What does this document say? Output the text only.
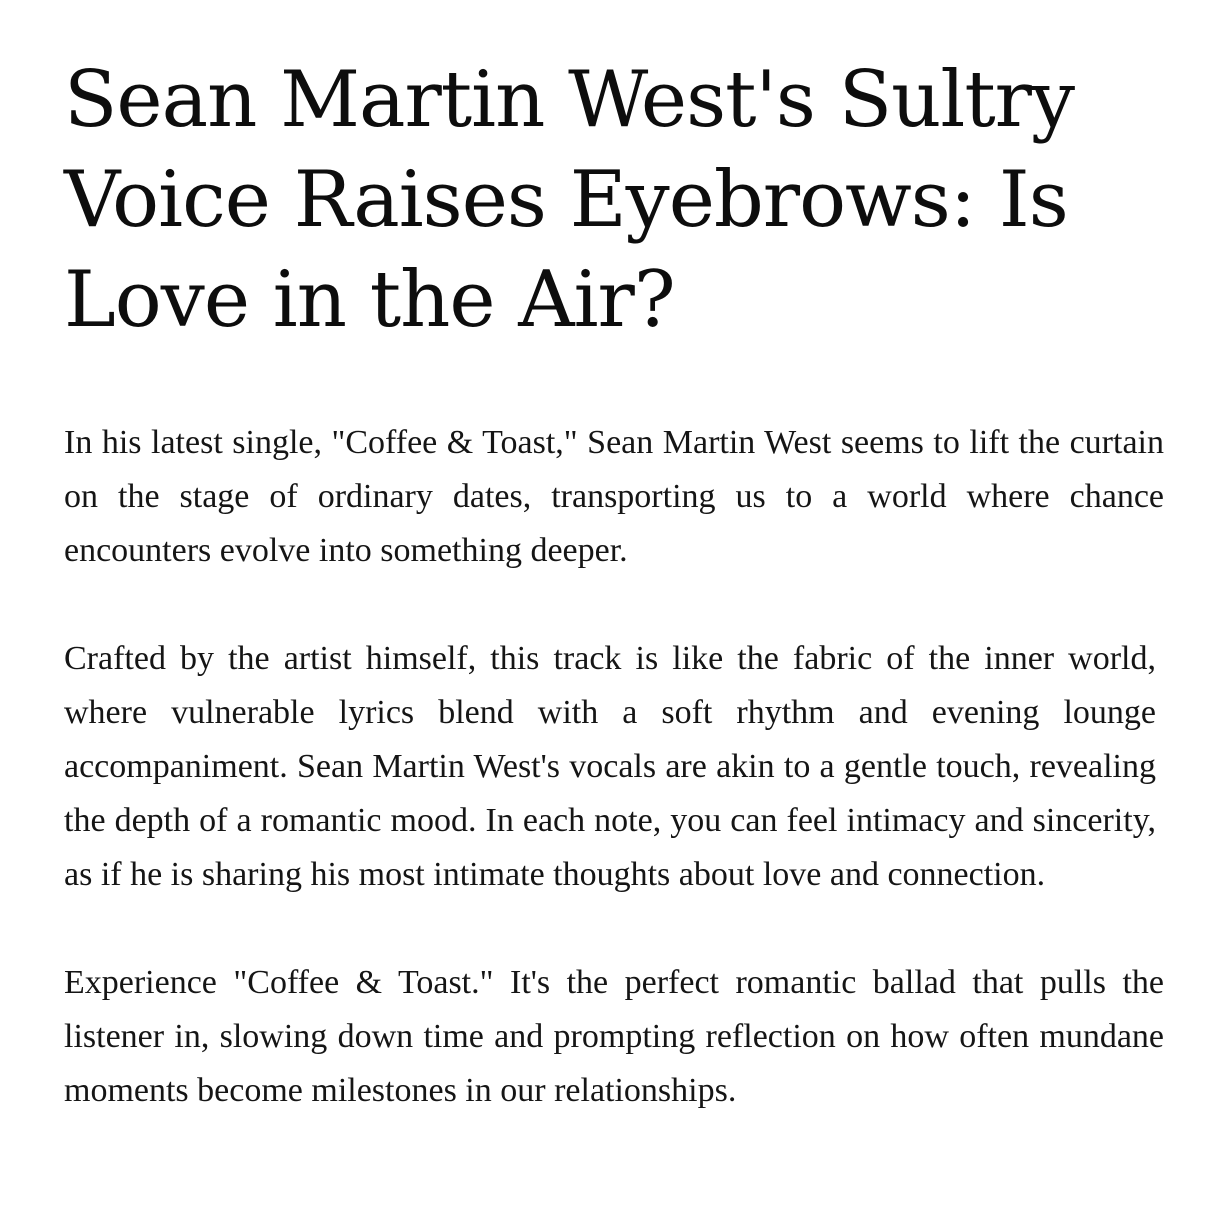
Sean Martin West's Sultry Voice Raises Eyebrows: Is Love in the Air?

In his latest single, "Coffee & Toast," Sean Martin West seems to lift the curtain on the stage of ordinary dates, transporting us to a world where chance encounters evolve into something deeper.

Crafted by the artist himself, this track is like the fabric of the inner world, where vulnerable lyrics blend with a soft rhythm and evening lounge accompaniment. Sean Martin West's vocals are akin to a gentle touch, revealing the depth of a romantic mood. In each note, you can feel intimacy and sincerity, as if he is sharing his most intimate thoughts about love and connection.

Experience "Coffee & Toast." It's the perfect romantic ballad that pulls the listener in, slowing down time and prompting reflection on how often mundane moments become milestones in our relationships.
